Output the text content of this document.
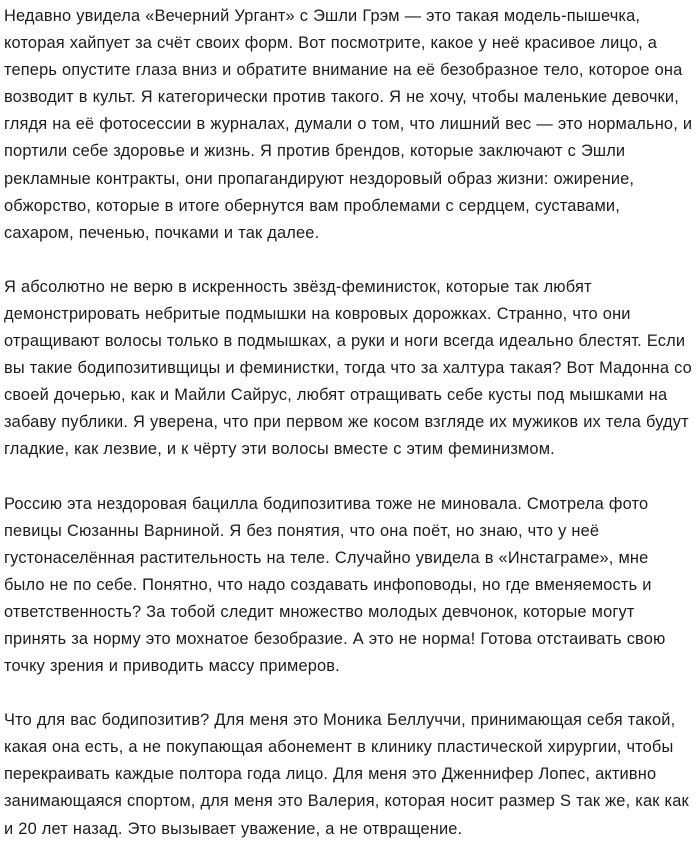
Недавно увидела «Вечерний Ургант» с Эшли Грэм — это такая модель-пышечка, которая хайпует за счёт своих форм. Вот посмотрите, какое у неё красивое лицо, а теперь опустите глаза вниз и обратите внимание на её безобразное тело, которое она возводит в культ. Я категорически против такого. Я не хочу, чтобы маленькие девочки, глядя на её фотосессии в журналах, думали о том, что лишний вес — это нормально, и портили себе здоровье и жизнь. Я против брендов, которые заключают с Эшли рекламные контракты, они пропагандируют нездоровый образ жизни: ожирение, обжорство, которые в итоге обернутся вам проблемами с сердцем, суставами, сахаром, печенью, почками и так далее.

Я абсолютно не верю в искренность звёзд-феминисток, которые так любят демонстрировать небритые подмышки на ковровых дорожках. Странно, что они отращивают волосы только в подмышках, а руки и ноги всегда идеально блестят. Если вы такие бодипозитивщицы и феминистки, тогда что за халтура такая? Вот Мадонна со своей дочерью, как и Майли Сайрус, любят отращивать себе кусты под мышками на забаву публики. Я уверена, что при первом же косом взгляде их мужиков их тела будут гладкие, как лезвие, и к чёрту эти волосы вместе с этим феминизмом.

Россию эта нездоровая бацилла бодипозитива тоже не миновала. Смотрела фото певицы Сюзанны Варниной. Я без понятия, что она поёт, но знаю, что у неё густонаселённая растительность на теле. Случайно увидела в «Инстаграме», мне было не по себе. Понятно, что надо создавать инфоповоды, но где вменяемость и ответственность? За тобой следит множество молодых девчонок, которые могут принять за норму это мохнатое безобразие. А это не норма! Готова отстаивать свою точку зрения и приводить массу примеров.

Что для вас бодипозитив? Для меня это Моника Беллуччи, принимающая себя такой, какая она есть, а не покупающая абонемент в клинику пластической хирургии, чтобы перекраивать каждые полтора года лицо. Для меня это Дженнифер Лопес, активно занимающаяся спортом, для меня это Валерия, которая носит размер S так же, как как и 20 лет назад. Это вызывает уважение, а не отвращение.
